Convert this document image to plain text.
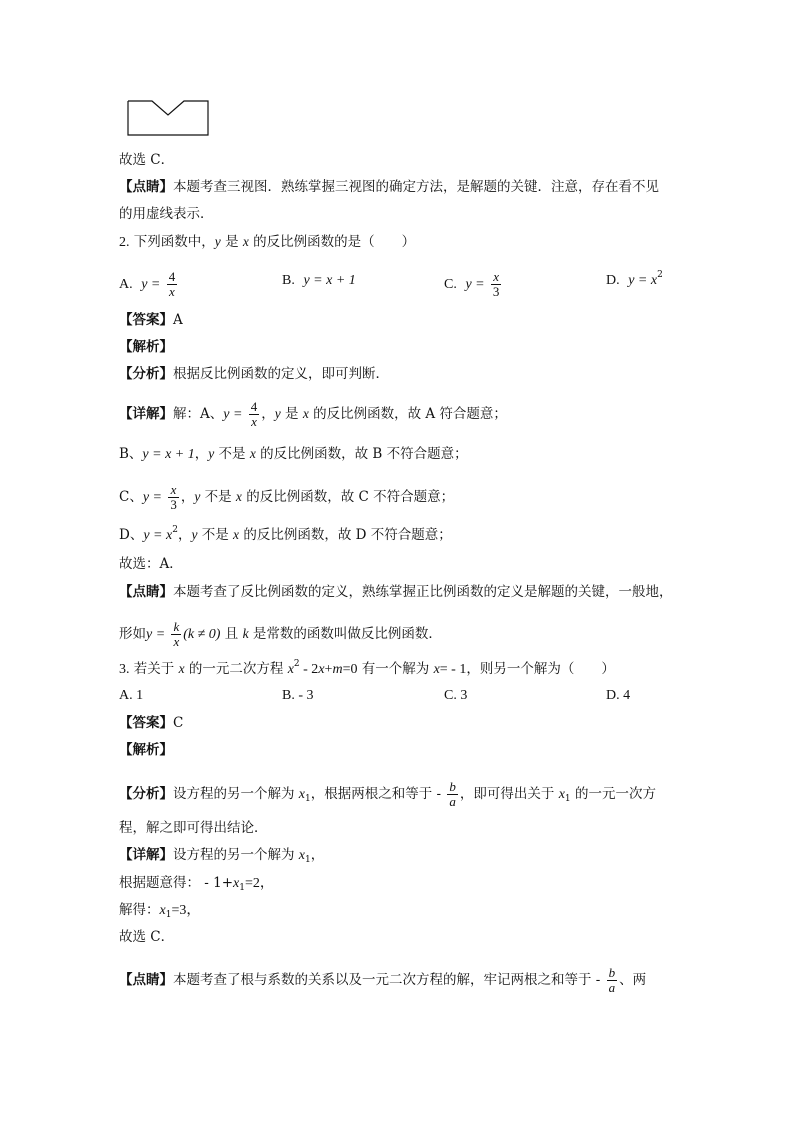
故选 C．
【点睛】本题考查三视图．熟练掌握三视图的确定方法，是解题的关键．注意，存在看不见
的用虚线表示．
2. 下列函数中，y 是 x 的反比例函数的是（　　）
A. $y = \frac{4}{x}$	B. y = x + 1	C. $y = \frac{x}{3}$	D. $y = x^2$
【答案】A
【解析】
【分析】根据反比例函数的定义，即可判断．
【详解】解：A、$y = \frac{4}{x}$ ，y 是 x 的反比例函数，故 A 符合题意；
B、y = x + 1，y 不是 x 的反比例函数，故 B 不符合题意；
C、$y = \frac{x}{3}$ ，y 不是 x 的反比例函数，故 C 不符合题意；
D、$y = x^2$，y 不是 x 的反比例函数，故 D 不符合题意；
故选：A．
【点睛】本题考查了反比例函数的定义，熟练掌握正比例函数的定义是解题的关键，一般地，
形如$y = \frac{k}{x} (k \ne 0)$ 且 k 是常数的函数叫做反比例函数．
3. 若关于 x 的一元二次方程 $x^2 - 2x+m=0$ 有一个解为 x= - 1，则另一个解为（　　）
A. 1	B. - 3	C. 3	D. 4
【答案】C
【解析】
【分析】设方程的另一个解为 $x_1$，根据两根之和等于 - $\frac{b}{a}$ ，即可得出关于 $x_1$ 的一元一次方
程，解之即可得出结论．
【详解】设方程的另一个解为 $x_1$，
根据题意得： - $1+x_1=2$，
解得：$x_1=3$，
故选 C．
【点睛】本题考查了根与系数的关系以及一元二次方程的解，牢记两根之和等于 - $\frac{b}{a}$ 、两
